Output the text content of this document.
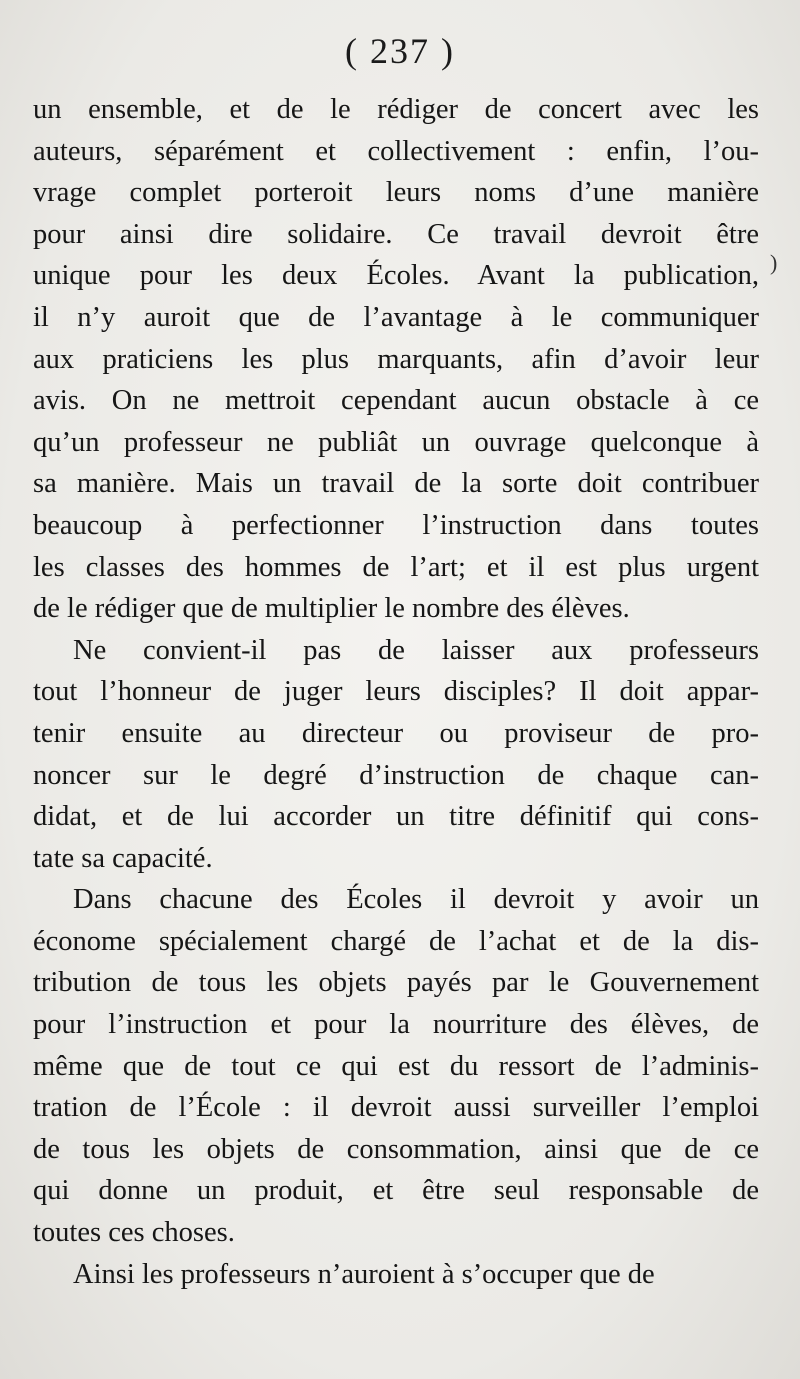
( 237 )
)
un ensemble, et de le rédiger de concert avec les
auteurs, séparément et collectivement : enfin, l’ou-
vrage complet porteroit leurs noms d’une manière
pour ainsi dire solidaire. Ce travail devroit être
unique pour les deux Écoles. Avant la publication,
il n’y auroit que de l’avantage à le communiquer
aux praticiens les plus marquants, afin d’avoir leur
avis. On ne mettroit cependant aucun obstacle à ce
qu’un professeur ne publiât un ouvrage quelconque à
sa manière. Mais un travail de la sorte doit contribuer
beaucoup à perfectionner l’instruction dans toutes
les classes des hommes de l’art; et il est plus urgent
de le rédiger que de multiplier le nombre des élèves.
Ne convient-il pas de laisser aux professeurs
tout l’honneur de juger leurs disciples? Il doit appar-
tenir ensuite au directeur ou proviseur de pro-
noncer sur le degré d’instruction de chaque can-
didat, et de lui accorder un titre définitif qui cons-
tate sa capacité.
Dans chacune des Écoles il devroit y avoir un
économe spécialement chargé de l’achat et de la dis-
tribution de tous les objets payés par le Gouvernement
pour l’instruction et pour la nourriture des élèves, de
même que de tout ce qui est du ressort de l’adminis-
tration de l’École : il devroit aussi surveiller l’emploi
de tous les objets de consommation, ainsi que de ce
qui donne un produit, et être seul responsable de
toutes ces choses.
Ainsi les professeurs n’auroient à s’occuper que de
